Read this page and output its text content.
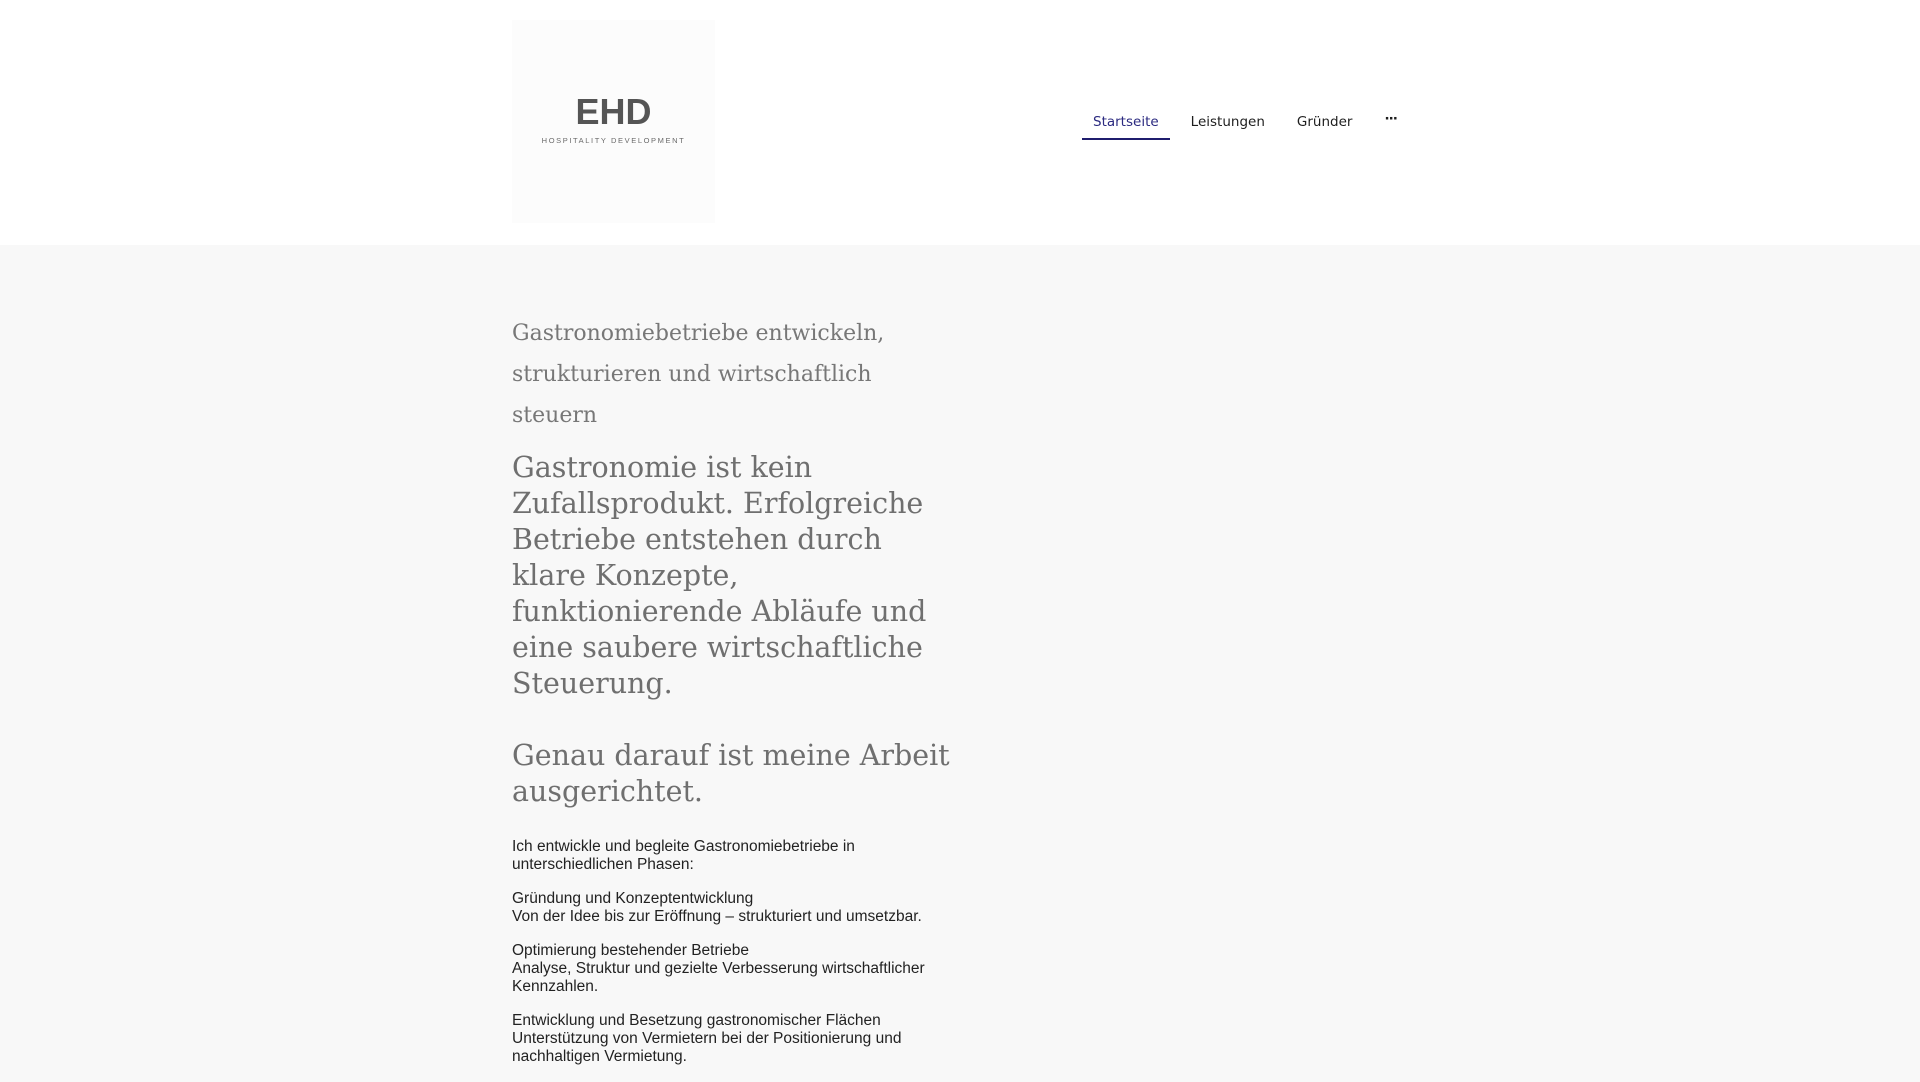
EHD
HOSPITALITY DEVELOPMENT
Startseite	Leistungen	Gründer	···
Gastronomiebetriebe entwickeln, strukturieren und wirtschaftlich steuern
Gastronomie ist kein Zufallsprodukt. Erfolgreiche Betriebe entstehen durch klare Konzepte, funktionierende Abläufe und eine saubere wirtschaftliche Steuerung.
Genau darauf ist meine Arbeit ausgerichtet.

Ich entwickle und begleite Gastronomiebetriebe in unterschiedlichen Phasen:

Gründung und Konzeptentwicklung
Von der Idee bis zur Eröffnung – strukturiert und umsetzbar.

Optimierung bestehender Betriebe
Analyse, Struktur und gezielte Verbesserung wirtschaftlicher Kennzahlen.

Entwicklung und Besetzung gastronomischer Flächen
Unterstützung von Vermietern bei der Positionierung und nachhaltigen Vermietung.
